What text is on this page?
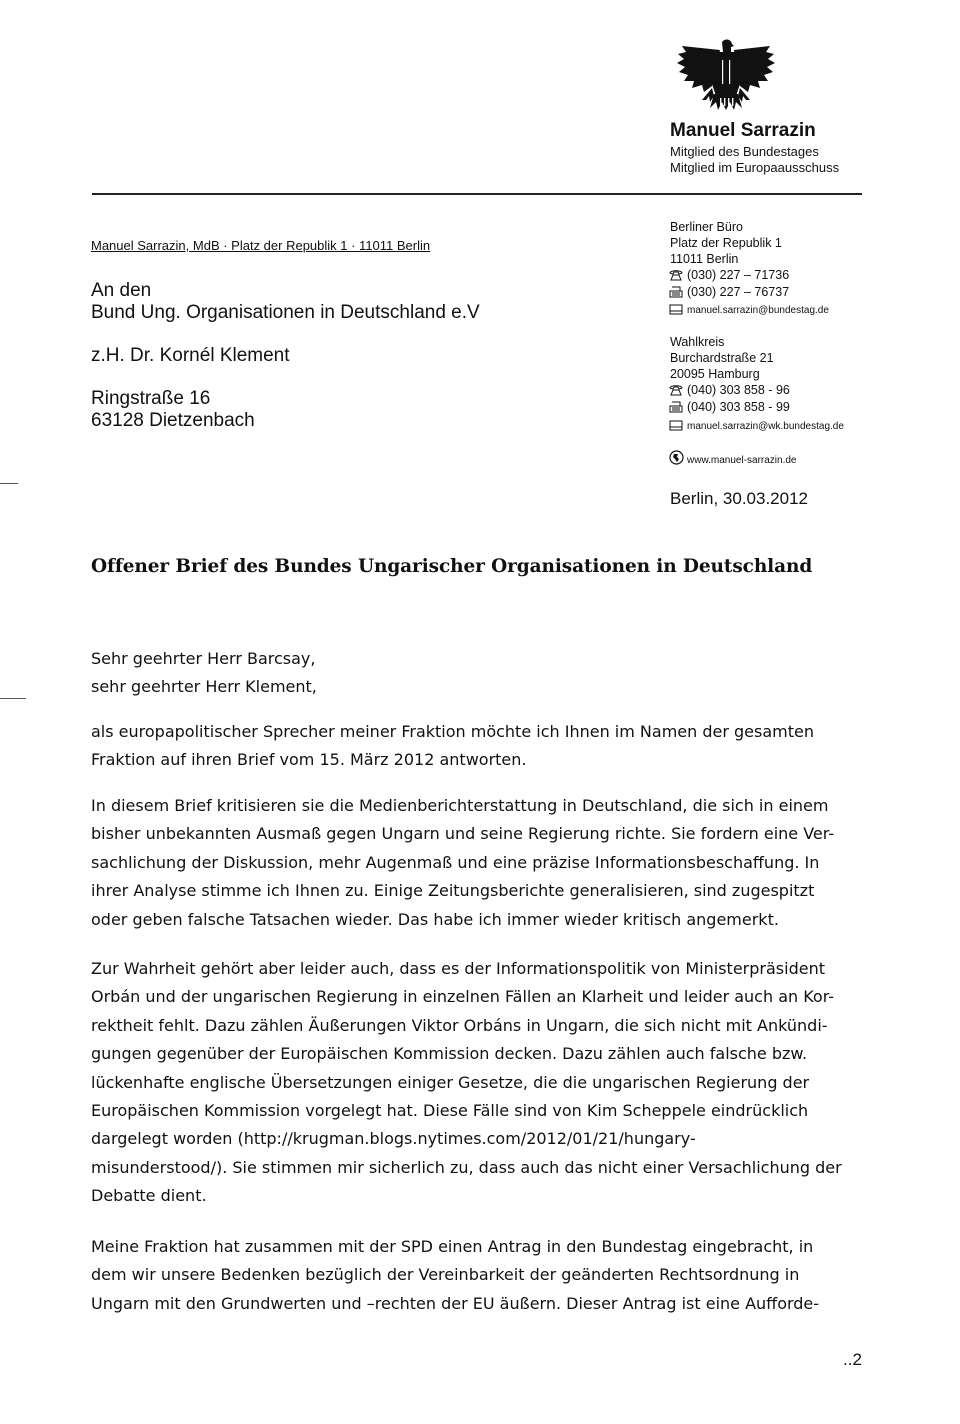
Manuel Sarrazin
Mitglied des Bundestages
Mitglied im Europaausschuss
Manuel Sarrazin, MdB · Platz der Republik 1 · 11011 Berlin
An den
Bund Ung. Organisationen in Deutschland e.V
z.H. Dr. Kornél Klement
Ringstraße 16
63128 Dietzenbach
Berliner Büro
Platz der Republik 1
11011 Berlin
(030) 227 – 71736
(030) 227 – 76737
manuel.sarrazin@bundestag.de
Wahlkreis
Burchardstraße 21
20095 Hamburg
(040) 303 858 - 96
(040) 303 858 - 99
manuel.sarrazin@wk.bundestag.de
www.manuel-sarrazin.de
Berlin, 30.03.2012
Offener Brief des Bundes Ungarischer Organisationen in Deutschland
Sehr geehrter Herr Barcsay,
sehr geehrter Herr Klement,
als europapolitischer Sprecher meiner Fraktion möchte ich Ihnen im Namen der gesamten
Fraktion auf ihren Brief vom 15. März 2012 antworten.
In diesem Brief kritisieren sie die Medienberichterstattung in Deutschland, die sich in einem
bisher unbekannten Ausmaß gegen Ungarn und seine Regierung richte. Sie fordern eine Ver-
sachlichung der Diskussion, mehr Augenmaß und eine präzise Informationsbeschaffung. In
ihrer Analyse stimme ich Ihnen zu. Einige Zeitungsberichte generalisieren, sind zugespitzt
oder geben falsche Tatsachen wieder. Das habe ich immer wieder kritisch angemerkt.
Zur Wahrheit gehört aber leider auch, dass es der Informationspolitik von Ministerpräsident
Orbán und der ungarischen Regierung in einzelnen Fällen an Klarheit und leider auch an Kor-
rektheit fehlt. Dazu zählen Äußerungen Viktor Orbáns in Ungarn, die sich nicht mit Ankündi-
gungen gegenüber der Europäischen Kommission decken. Dazu zählen auch falsche bzw.
lückenhafte englische Übersetzungen einiger Gesetze, die die ungarischen Regierung der
Europäischen Kommission vorgelegt hat. Diese Fälle sind von Kim Scheppele eindrücklich
dargelegt worden (http://krugman.blogs.nytimes.com/2012/01/21/hungary-
misunderstood/). Sie stimmen mir sicherlich zu, dass auch das nicht einer Versachlichung der
Debatte dient.
Meine Fraktion hat zusammen mit der SPD einen Antrag in den Bundestag eingebracht, in
dem wir unsere Bedenken bezüglich der Vereinbarkeit der geänderten Rechtsordnung in
Ungarn mit den Grundwerten und –rechten der EU äußern. Dieser Antrag ist eine Aufforde-
..2
